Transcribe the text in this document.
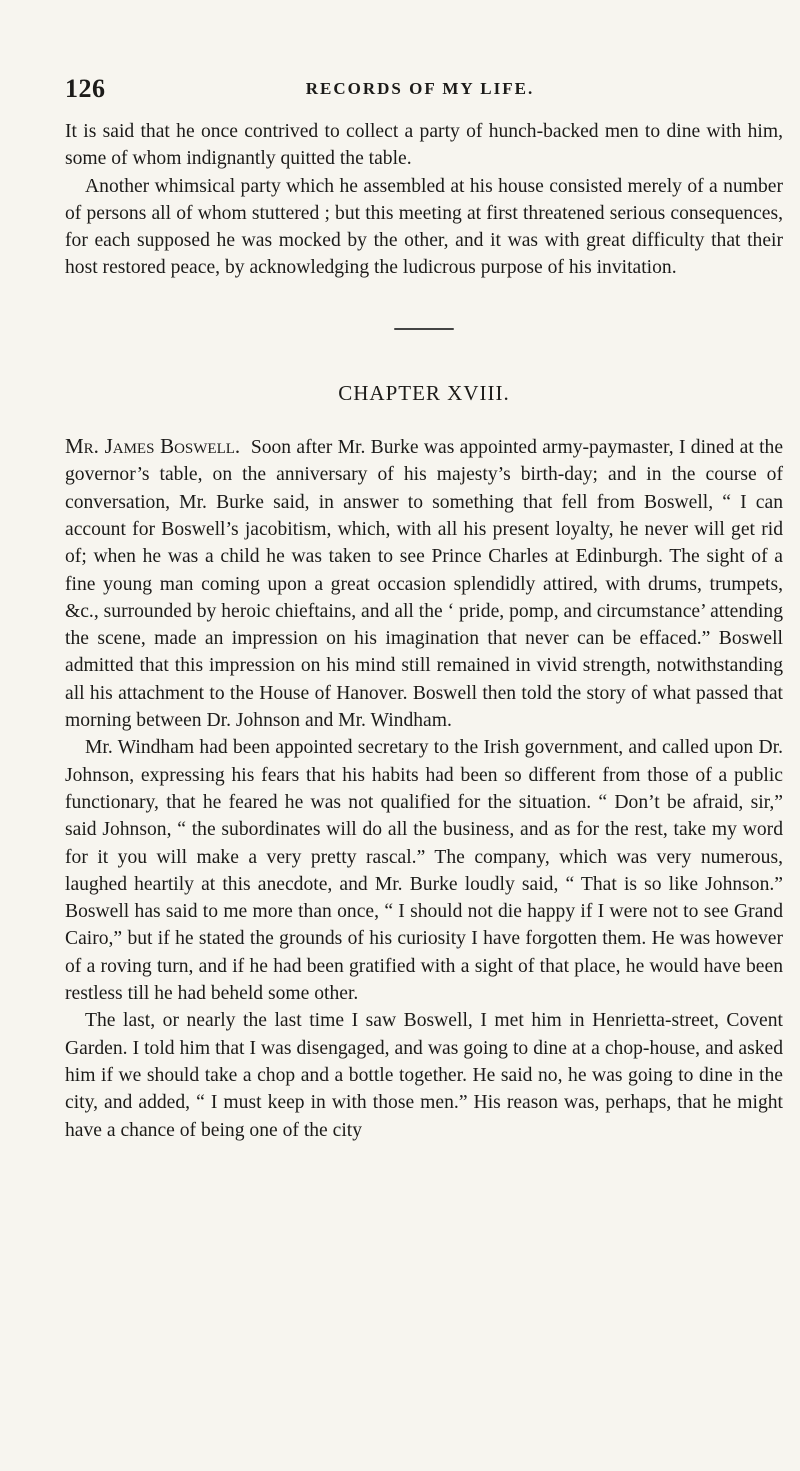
126	RECORDS OF MY LIFE.

It is said that he once contrived to collect a party of hunch-backed men to dine with him, some of whom indignantly quitted the table.

Another whimsical party which he assembled at his house consisted merely of a number of persons all of whom stuttered ; but this meeting at first threatened serious consequences, for each supposed he was mocked by the other, and it was with great difficulty that their host restored peace, by acknowledging the ludicrous purpose of his invitation.

CHAPTER XVIII.

Mr. James Boswell. Soon after Mr. Burke was appointed army-paymaster, I dined at the governor’s table, on the anniversary of his majesty’s birth-day; and in the course of conversation, Mr. Burke said, in answer to something that fell from Boswell, “ I can account for Boswell’s jacobitism, which, with all his present loyalty, he never will get rid of; when he was a child he was taken to see Prince Charles at Edinburgh. The sight of a fine young man coming upon a great occasion splendidly attired, with drums, trumpets, &c., surrounded by heroic chieftains, and all the ‘ pride, pomp, and circumstance’ attending the scene, made an impression on his imagination that never can be effaced.” Boswell admitted that this impression on his mind still remained in vivid strength, notwithstanding all his attachment to the House of Hanover. Boswell then told the story of what passed that morning between Dr. Johnson and Mr. Windham.

Mr. Windham had been appointed secretary to the Irish government, and called upon Dr. Johnson, expressing his fears that his habits had been so different from those of a public functionary, that he feared he was not qualified for the situation. “ Don’t be afraid, sir,” said Johnson, “ the subordinates will do all the business, and as for the rest, take my word for it you will make a very pretty rascal.” The company, which was very numerous, laughed heartily at this anecdote, and Mr. Burke loudly said, “ That is so like Johnson.” Boswell has said to me more than once, “ I should not die happy if I were not to see Grand Cairo,” but if he stated the grounds of his curiosity I have forgotten them. He was however of a roving turn, and if he had been gratified with a sight of that place, he would have been restless till he had beheld some other.

The last, or nearly the last time I saw Boswell, I met him in Henrietta-street, Covent Garden. I told him that I was disengaged, and was going to dine at a chop-house, and asked him if we should take a chop and a bottle together. He said no, he was going to dine in the city, and added, “ I must keep in with those men.” His reason was, perhaps, that he might have a chance of being one of the city
